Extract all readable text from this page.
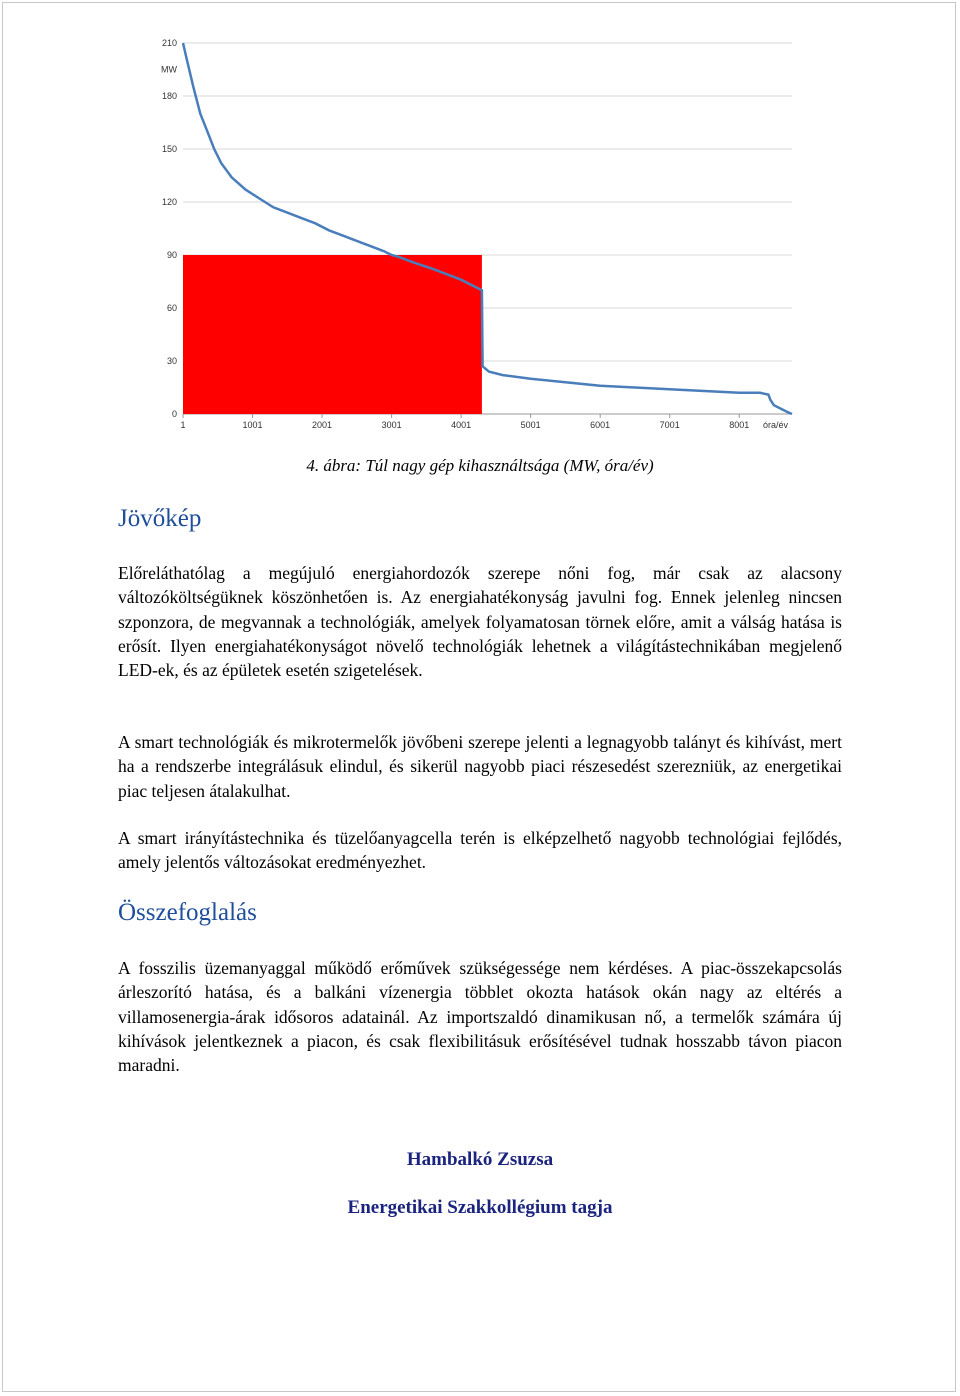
0
30
60
90
120
150
180
210
1	1001	2001	3001	4001	5001	6001	7001	8001
MW
óra/év
4. ábra: Túl nagy gép kihasználtsága (MW, óra/év)
Jövőkép

Előreláthatólag a megújuló energiahordozók szerepe nőni fog, már csak az alacsony változóköltségüknek köszönhetően is. Az energiahatékonyság javulni fog. Ennek jelenleg nincsen szponzora, de megvannak a technológiák, amelyek folyamatosan törnek előre, amit a válság hatása is erősít. Ilyen energiahatékonyságot növelő technológiák lehetnek a világítástechnikában megjelenő LED-ek, és az épületek esetén szigetelések.

A smart technológiák és mikrotermelők jövőbeni szerepe jelenti a legnagyobb talányt és kihívást, mert ha a rendszerbe integrálásuk elindul, és sikerül nagyobb piaci részesedést szerezniük, az energetikai piac teljesen átalakulhat.

A smart irányítástechnika és tüzelőanyagcella terén is elképzelhető nagyobb technológiai fejlődés, amely jelentős változásokat eredményezhet.

Összefoglalás

A fosszilis üzemanyaggal működő erőművek szükségessége nem kérdéses. A piac-összekapcsolás árleszorító hatása, és a balkáni vízenergia többlet okozta hatások okán nagy az eltérés a villamosenergia-árak idősoros adatainál. Az importszaldó dinamikusan nő, a termelők számára új kihívások jelentkeznek a piacon, és csak flexibilitásuk erősítésével tudnak hosszabb távon piacon maradni.

Hambalkó Zsuzsa
Energetikai Szakkollégium tagja
